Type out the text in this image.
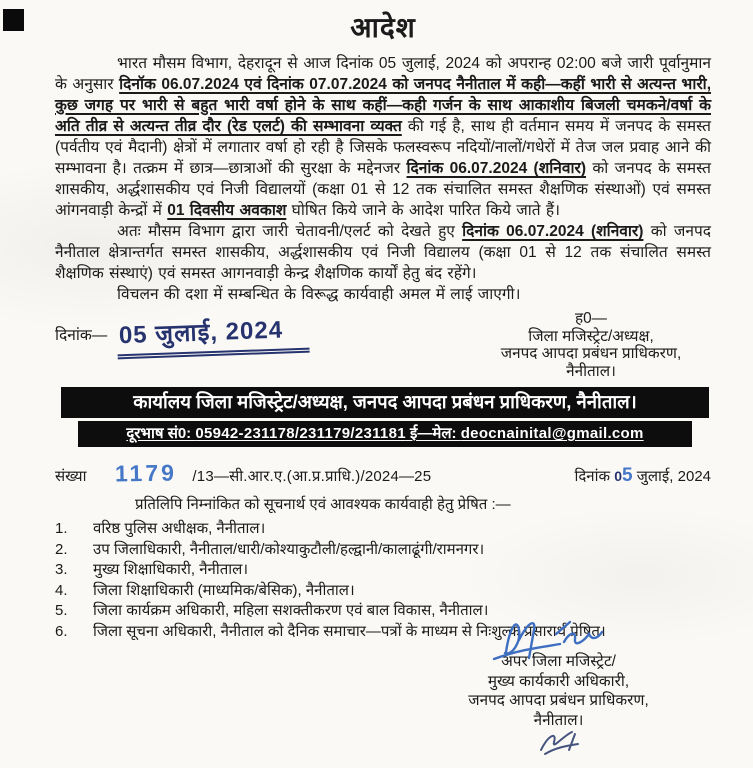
आदेश

भारत मौसम विभाग, देहरादून से आज दिनांक 05 जुलाई, 2024 को अपरान्ह 02:00 बजे जारी पूर्वानुमान के अनुसार दिनॉक 06.07.2024 एवं दिनांक 07.07.2024 को जनपद नैनीताल में कही—कहीं भारी से अत्यन्त भारी, कुछ जगह पर भारी से बहुत भारी वर्षा होने के साथ कहीं—कही गर्जन के साथ आकाशीय बिजली चमकने/वर्षा के अति तीव्र से अत्यन्त तीव्र दौर (रेड एलर्ट) की सम्भावना व्यक्त की गई है, साथ ही वर्तमान समय में जनपद के समस्त (पर्वतीय एवं मैदानी) क्षेत्रों में लगातार वर्षा हो रही है जिसके फलस्वरूप नदियों/नालों/गधेरों में तेज जल प्रवाह आने की सम्भावना है। तत्क्रम में छात्र—छात्राओं की सुरक्षा के मद्देनजर दिनांक 06.07.2024 (शनिवार) को जनपद के समस्त शासकीय, अर्द्धशासकीय एवं निजी विद्यालयों (कक्षा 01 से 12 तक संचालित समस्त शैक्षणिक संस्थाओं) एवं समस्त आंगनवाड़ी केन्द्रों में 01 दिवसीय अवकाश घोषित किये जाने के आदेश पारित किये जाते हैं।

अतः मौसम विभाग द्वारा जारी चेतावनी/एलर्ट को देखते हुए दिनांक 06.07.2024 (शनिवार) को जनपद नैनीताल क्षेत्रान्तर्गत समस्त शासकीय, अर्द्धशासकीय एवं निजी विद्यालय (कक्षा 01 से 12 तक संचालित समस्त शैक्षणिक संस्थाएं) एवं समस्त आगनवाड़ी केन्द्र शैक्षणिक कार्यों हेतु बंद रहेंगे।

विचलन की दशा में सम्बन्धित के विरूद्ध कार्यवाही अमल में लाई जाएगी।

दिनांक— 05 जुलाई, 2024	ह0—
जिला मजिस्ट्रेट/अध्यक्ष,
जनपद आपदा प्रबंधन प्राधिकरण,
नैनीताल।
कार्यालय जिला मजिस्ट्रेट/अध्यक्ष, जनपद आपदा प्रबंधन प्राधिकरण, नैनीताल।
दूरभाष सं0: 05942-231178/231179/231181 ई—मेल: deocnainital@gmail.com
संख्या 1179 /13—सी.आर.ए.(आ.प्र.प्राधि.)/2024—25	दिनांक 05 जुलाई, 2024
प्रतिलिपि निम्नांकित को सूचनार्थ एवं आवश्यक कार्यवाही हेतु प्रेषित :—
1.	वरिष्ठ पुलिस अधीक्षक, नैनीताल।
2.	उप जिलाधिकारी, नैनीताल/धारी/कोश्याकुटौली/हल्द्वानी/कालाढूंगी/रामनगर।
3.	मुख्य शिक्षाधिकारी, नैनीताल।
4.	जिला शिक्षाधिकारी (माध्यमिक/बेसिक), नैनीताल।
5.	जिला कार्यक्रम अधिकारी, महिला सशक्तीकरण एवं बाल विकास, नैनीताल।
6.	जिला सूचना अधिकारी, नैनीताल को दैनिक समाचार—पत्रों के माध्यम से निःशुल्क प्रसारार्थ प्रेषित।
अपर जिला मजिस्ट्रेट/
मुख्य कार्यकारी अधिकारी,
जनपद आपदा प्रबंधन प्राधिकरण,
नैनीताल।
